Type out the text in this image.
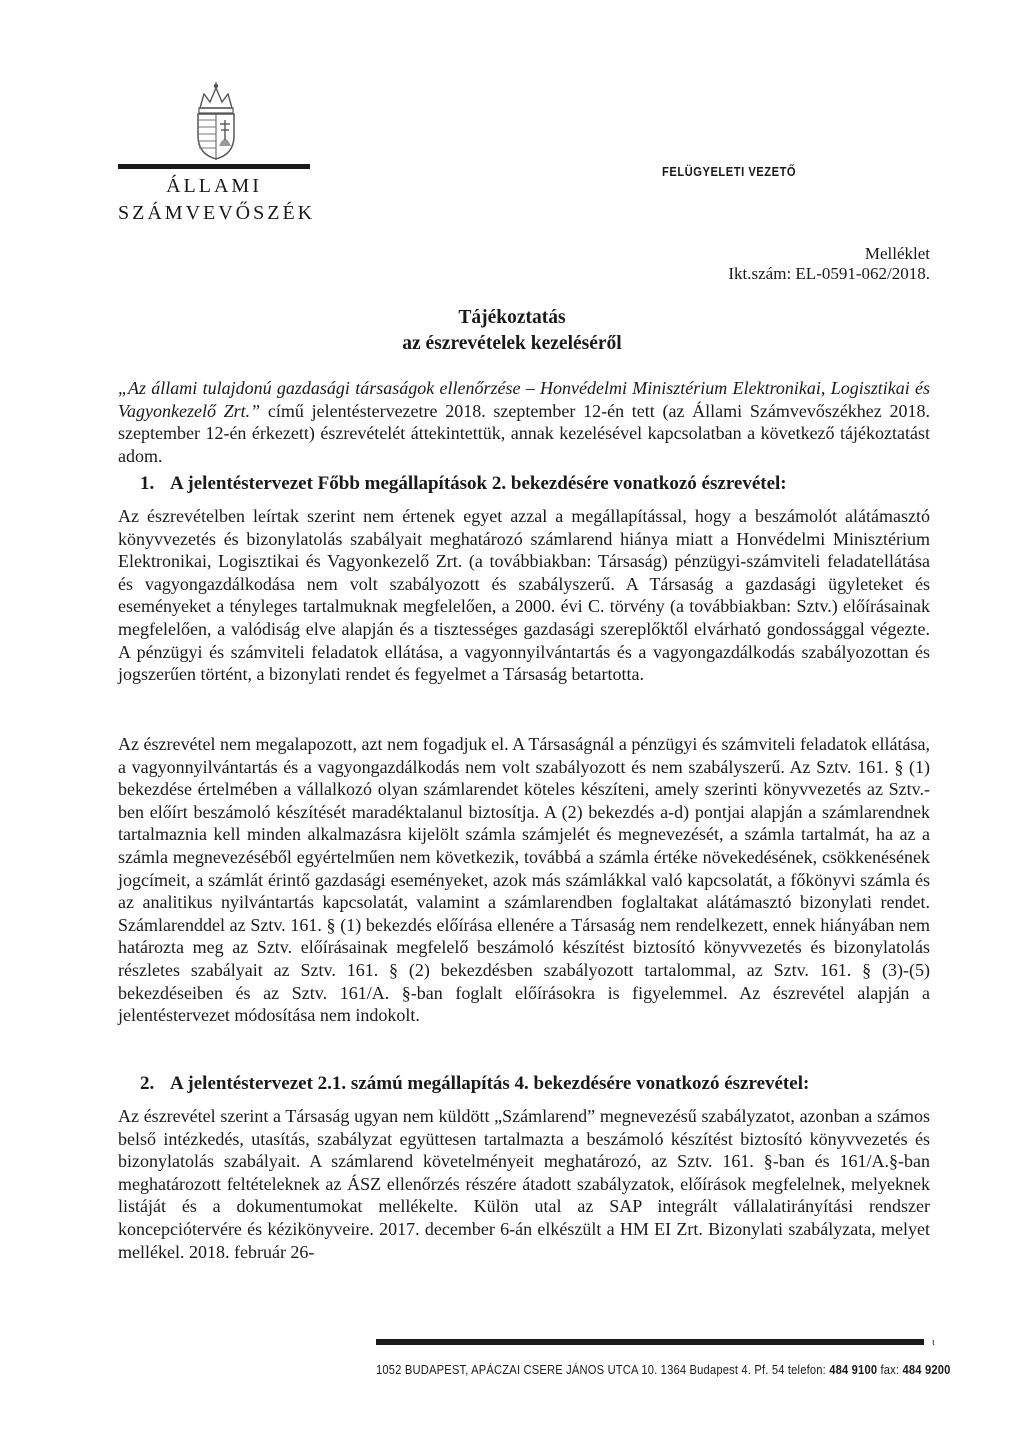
ÁLLAMI
SZÁMVEVŐSZÉK
FELÜGYELETI VEZETŐ
Melléklet
Ikt.szám: EL-0591-062/2018.
Tájékoztatás
az észrevételek kezeléséről

„Az állami tulajdonú gazdasági társaságok ellenőrzése – Honvédelmi Minisztérium Elektronikai, Logisztikai és Vagyonkezelő Zrt.” című jelentéstervezetre 2018. szeptember 12-én tett (az Állami Számvevőszékhez 2018. szeptember 12-én érkezett) észrevételét áttekintettük, annak kezelésével kapcsolatban a következő tájékoztatást adom.

1. A jelentéstervezet Főbb megállapítások 2. bekezdésére vonatkozó észrevétel:

Az észrevételben leírtak szerint nem értenek egyet azzal a megállapítással, hogy a beszámolót alátámasztó könyvvezetés és bizonylatolás szabályait meghatározó számlarend hiánya miatt a Honvédelmi Minisztérium Elektronikai, Logisztikai és Vagyonkezelő Zrt. (a továbbiakban: Társaság) pénzügyi-számviteli feladatellátása és vagyongazdálkodása nem volt szabályozott és szabályszerű. A Társaság a gazdasági ügyleteket és eseményeket a tényleges tartalmuknak megfelelően, a 2000. évi C. törvény (a továbbiakban: Sztv.) előírásainak megfelelően, a valódiság elve alapján és a tisztességes gazdasági szereplőktől elvárható gondossággal végezte. A pénzügyi és számviteli feladatok ellátása, a vagyonnyilvántartás és a vagyongazdálkodás szabályozottan és jogszerűen történt, a bizonylati rendet és fegyelmet a Társaság betartotta.

Az észrevétel nem megalapozott, azt nem fogadjuk el. A Társaságnál a pénzügyi és számviteli feladatok ellátása, a vagyonnyilvántartás és a vagyongazdálkodás nem volt szabályozott és nem szabályszerű. Az Sztv. 161. § (1) bekezdése értelmében a vállalkozó olyan számlarendet köteles készíteni, amely szerinti könyvvezetés az Sztv.-ben előírt beszámoló készítését maradéktalanul biztosítja. A (2) bekezdés a-d) pontjai alapján a számlarendnek tartalmaznia kell minden alkalmazásra kijelölt számla számjelét és megnevezését, a számla tartalmát, ha az a számla megnevezéséből egyértelműen nem következik, továbbá a számla értéke növekedésének, csökkenésének jogcímeit, a számlát érintő gazdasági eseményeket, azok más számlákkal való kapcsolatát, a főkönyvi számla és az analitikus nyilvántartás kapcsolatát, valamint a számlarendben foglaltakat alátámasztó bizonylati rendet. Számlarenddel az Sztv. 161. § (1) bekezdés előírása ellenére a Társaság nem rendelkezett, ennek hiányában nem határozta meg az Sztv. előírásainak megfelelő beszámoló készítést biztosító könyvvezetés és bizonylatolás részletes szabályait az Sztv. 161. § (2) bekezdésben szabályozott tartalommal, az Sztv. 161. § (3)-(5) bekezdéseiben és az Sztv. 161/A. §-ban foglalt előírásokra is figyelemmel. Az észrevétel alapján a jelentéstervezet módosítása nem indokolt.

2. A jelentéstervezet 2.1. számú megállapítás 4. bekezdésére vonatkozó észrevétel:

Az észrevétel szerint a Társaság ugyan nem küldött „Számlarend” megnevezésű szabályzatot, azonban a számos belső intézkedés, utasítás, szabályzat együttesen tartalmazta a beszámoló készítést biztosító könyvvezetés és bizonylatolás szabályait. A számlarend követelményeit meghatározó, az Sztv. 161. §-ban és 161/A.§-ban meghatározott feltételeknek az ÁSZ ellenőrzés részére átadott szabályzatok, előírások megfelelnek, melyeknek listáját és a dokumentumokat mellékelte. Külön utal az SAP integrált vállalatirányítási rendszer koncepciótervére és kézikönyveire. 2017. december 6-án elkészült a HM EI Zrt. Bizonylati szabályzata, melyet mellékel. 2018. február 26-

ι
1052 BUDAPEST, APÁCZAI CSERE JÁNOS UTCA 10. 1364 Budapest 4. Pf. 54 telefon: 484 9100 fax: 484 9200
